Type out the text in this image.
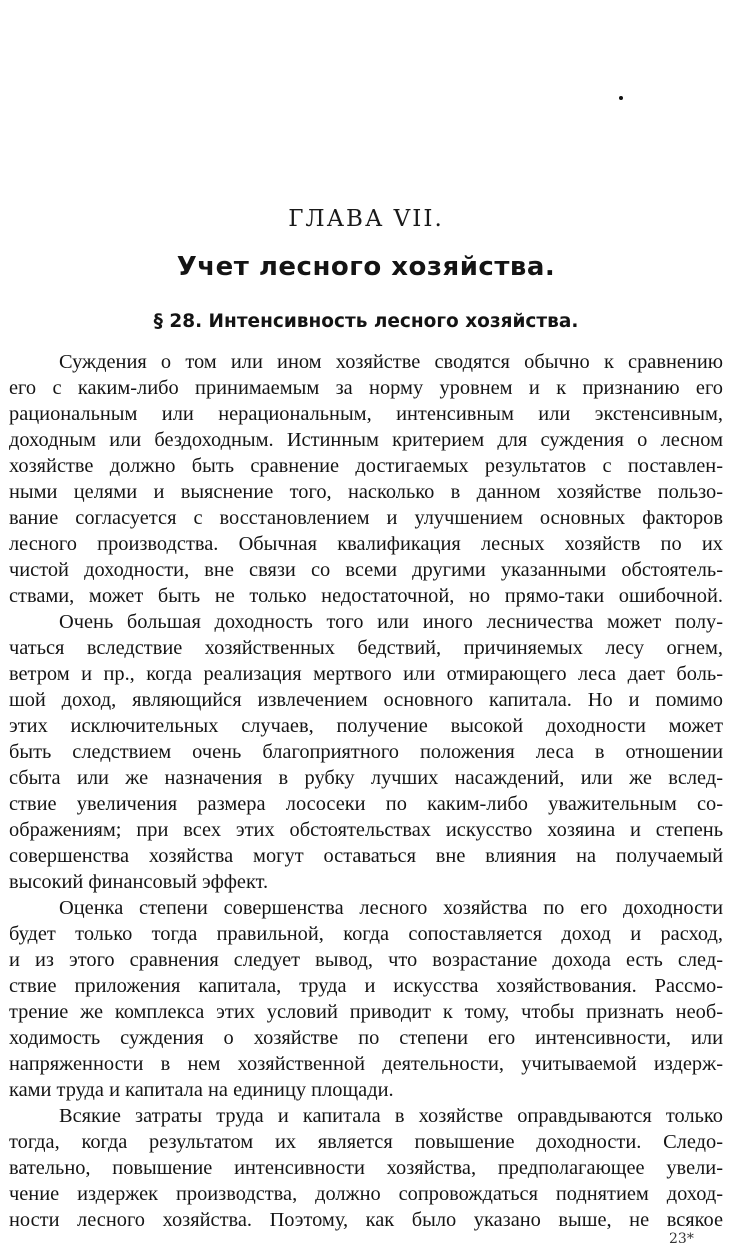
ГЛАВА VII.
Учет лесного хозяйства.
§ 28. Интенсивность лесного хозяйства.
Суждения о том или ином хозяйстве сводятся обычно к сравнению
его с каким-либо принимаемым за норму уровнем и к признанию его
рациональным или нерациональным, интенсивным или экстенсивным,
доходным или бездоходным. Истинным критерием для суждения о лесном
хозяйстве должно быть сравнение достигаемых результатов с поставлен-
ными целями и выяснение того, насколько в данном хозяйстве пользо-
вание согласуется с восстановлением и улучшением основных факторов
лесного производства. Обычная квалификация лесных хозяйств по их
чистой доходности, вне связи со всеми другими указанными обстоятель-
ствами, может быть не только недостаточной, но прямо-таки ошибочной.
Очень большая доходность того или иного лесничества может полу-
чаться вследствие хозяйственных бедствий, причиняемых лесу огнем,
ветром и пр., когда реализация мертвого или отмирающего леса дает боль-
шой доход, являющийся извлечением основного капитала. Но и помимо
этих исключительных случаев, получение высокой доходности может
быть следствием очень благоприятного положения леса в отношении
сбыта или же назначения в рубку лучших насаждений, или же вслед-
ствие увеличения размера лососеки по каким-либо уважительным со-
ображениям; при всех этих обстоятельствах искусство хозяина и степень
совершенства хозяйства могут оставаться вне влияния на получаемый
высокий финансовый эффект.
Оценка степени совершенства лесного хозяйства по его доходности
будет только тогда правильной, когда сопоставляется доход и расход,
и из этого сравнения следует вывод, что возрастание дохода есть след-
ствие приложения капитала, труда и искусства хозяйствования. Рассмо-
трение же комплекса этих условий приводит к тому, чтобы признать необ-
ходимость суждения о хозяйстве по степени его интенсивности, или
напряженности в нем хозяйственной деятельности, учитываемой издерж-
ками труда и капитала на единицу площади.
Всякие затраты труда и капитала в хозяйстве оправдываются только
тогда, когда результатом их является повышение доходности. Следо-
вательно, повышение интенсивности хозяйства, предполагающее увели-
чение издержек производства, должно сопровождаться поднятием доход-
ности лесного хозяйства. Поэтому, как было указано выше, не всякое
23*
